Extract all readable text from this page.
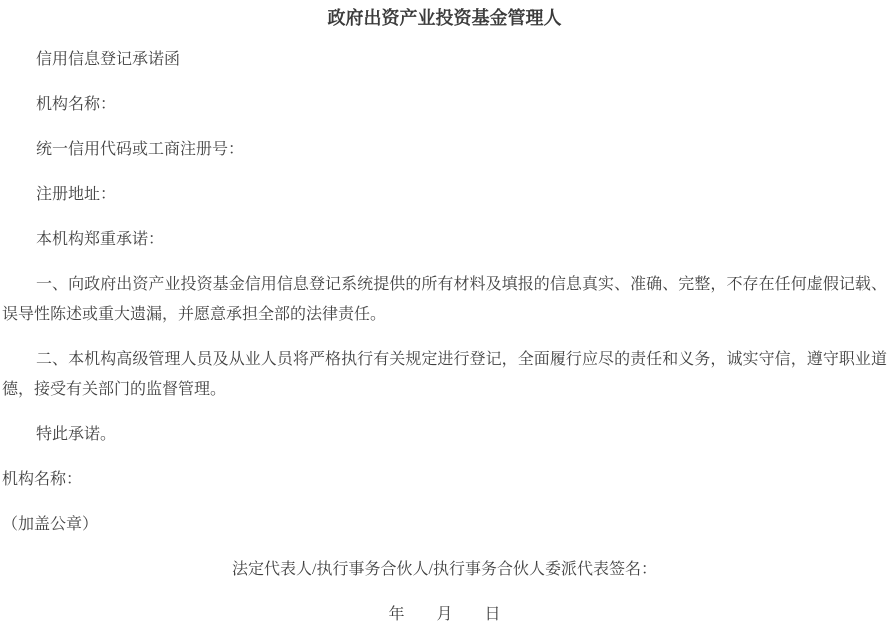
政府出资产业投资基金管理人

信用信息登记承诺函

机构名称：

统一信用代码或工商注册号：

注册地址：

本机构郑重承诺：

一、向政府出资产业投资基金信用信息登记系统提供的所有材料及填报的信息真实、准确、完整，不存在任何虚假记载、误导性陈述或重大遗漏，并愿意承担全部的法律责任。

二、本机构高级管理人员及从业人员将严格执行有关规定进行登记，全面履行应尽的责任和义务，诚实守信，遵守职业道德，接受有关部门的监督管理。

特此承诺。

机构名称：

（加盖公章）

法定代表人/执行事务合伙人/执行事务合伙人委派代表签名：

年　　月　　日
